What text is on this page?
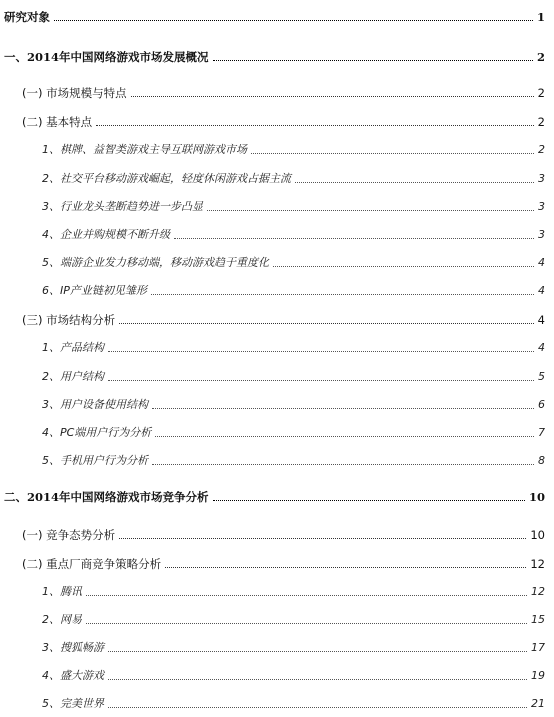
研究对象	1
一、2014年中国网络游戏市场发展概况	2
(一) 市场规模与特点	2
(二) 基本特点	2
1、棋牌、益智类游戏主导互联网游戏市场	2
2、社交平台移动游戏崛起，轻度休闲游戏占据主流	3
3、行业龙头垄断趋势进一步凸显	3
4、企业并购规模不断升级	3
5、端游企业发力移动端，移动游戏趋于重度化	4
6、IP产业链初见雏形	4
(三) 市场结构分析	4
1、产品结构	4
2、用户结构	5
3、用户设备使用结构	6
4、PC端用户行为分析	7
5、手机用户行为分析	8
二、2014年中国网络游戏市场竞争分析	10
(一) 竞争态势分析	10
(二) 重点厂商竞争策略分析	12
1、腾讯	12
2、网易	15
3、搜狐畅游	17
4、盛大游戏	19
5、完美世界	21
